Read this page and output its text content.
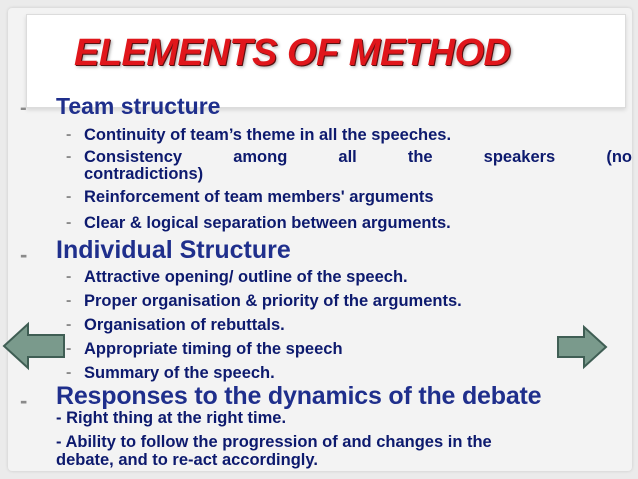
ELEMENTS OF METHOD
- Team structure
- Continuity of team’s theme in all the speeches.
- Consistency among all the speakers (no
contradictions)
- Reinforcement of team members' arguments
- Clear & logical separation between arguments.
- Individual Structure
- Attractive opening/ outline of the speech.
- Proper organisation & priority of the arguments.
- Organisation of rebuttals.
- Appropriate timing of the speech
- Summary of the speech.
- Responses to the dynamics of the debate
- Right thing at the right time.
- Ability to follow the progression of and changes in the
debate, and to re-act accordingly.
